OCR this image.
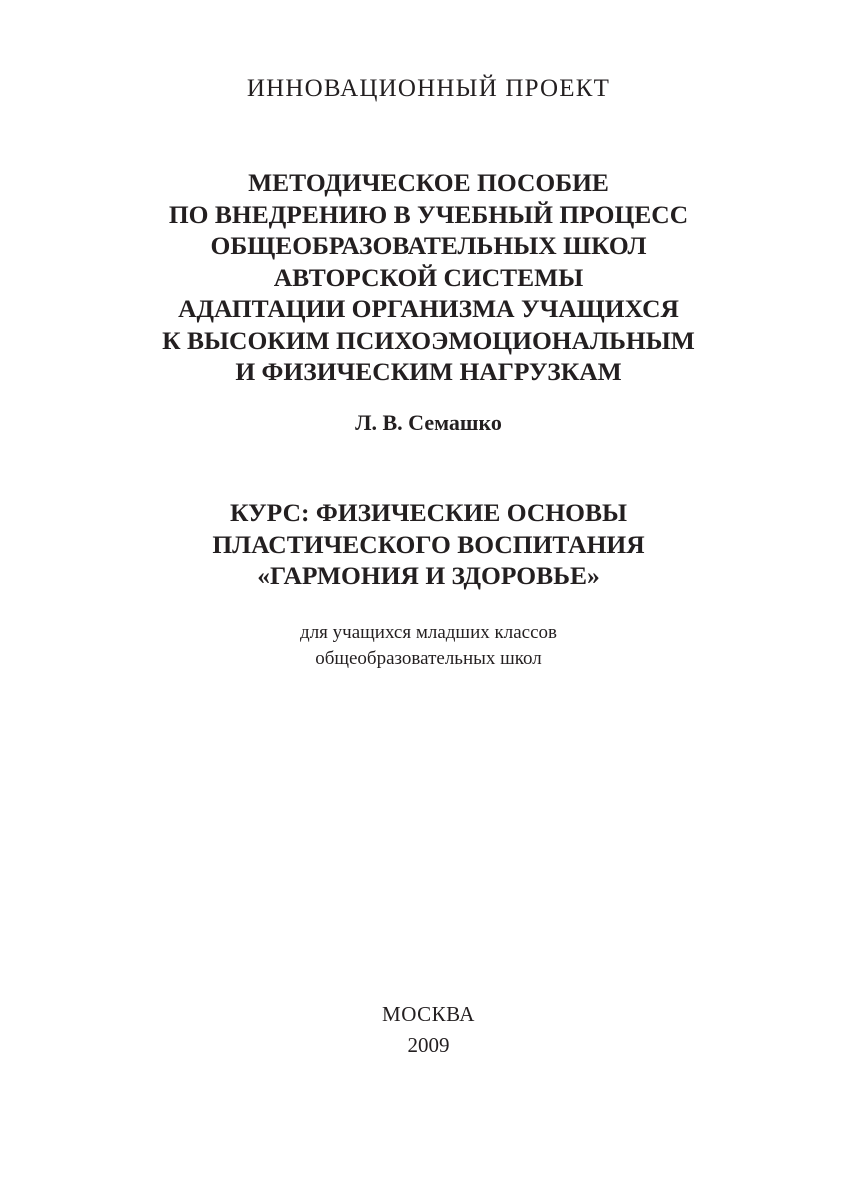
ИННОВАЦИОННЫЙ ПРОЕКТ

МЕТОДИЧЕСКОЕ ПОСОБИЕ
ПО ВНЕДРЕНИЮ В УЧЕБНЫЙ ПРОЦЕСС
ОБЩЕОБРАЗОВАТЕЛЬНЫХ ШКОЛ
АВТОРСКОЙ СИСТЕМЫ
АДАПТАЦИИ ОРГАНИЗМА УЧАЩИХСЯ
К ВЫСОКИМ ПСИХОЭМОЦИОНАЛЬНЫМ
И ФИЗИЧЕСКИМ НАГРУЗКАМ

Л. В. Семашко

КУРС: ФИЗИЧЕСКИЕ ОСНОВЫ
ПЛАСТИЧЕСКОГО ВОСПИТАНИЯ
«ГАРМОНИЯ И ЗДОРОВЬЕ»
для учащихся младших классов
общеобразовательных школ

МОСКВА

2009
